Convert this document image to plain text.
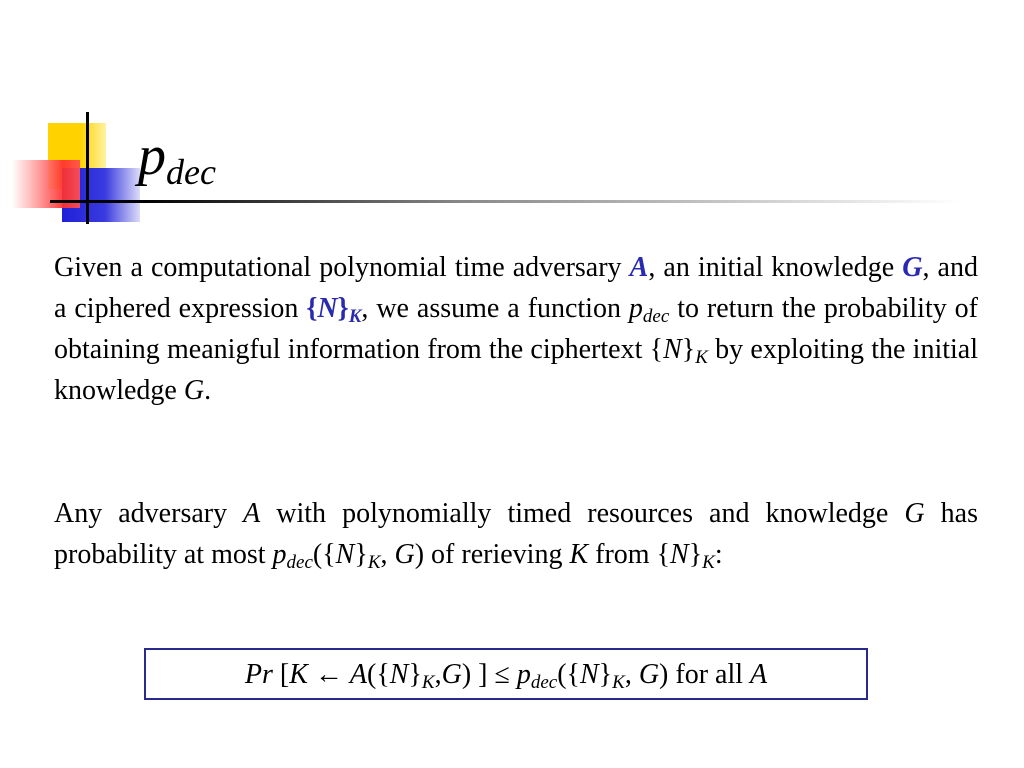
pdec
Given a computational polynomial time adversary A, an initial knowledge G, and a ciphered expression $\{N\}_K$, we assume a function $p_{dec}$ to return the probability of obtaining meanigful information from the ciphertext $\{N\}_K$ by exploiting the initial knowledge G.
Any adversary A with polynomially timed resources and knowledge G has probability at most $p_{dec}(\{N\}_K$, G) of rerieving K from $\{N\}_K$:
Pr [K ← $A(\{N\}_K,G)$ ] ≤ $p_{dec}(\{N\}_K$, G) for all A
